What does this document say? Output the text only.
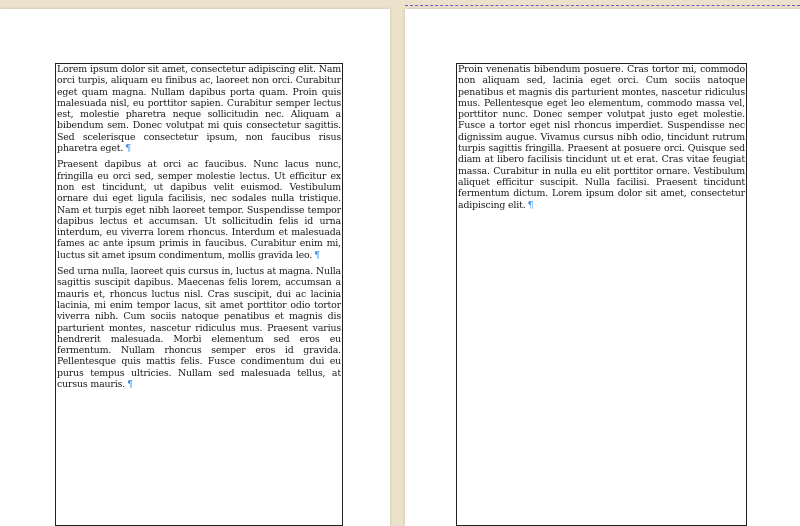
Lorem ipsum dolor sit amet, consectetur adipiscing elit. Nam orci turpis, aliquam eu finibus ac, laoreet non orci. Curabitur eget quam magna. Nullam dapibus porta quam. Proin quis malesuada nisl, eu porttitor sapien. Curabitur semper lectus est, molestie pharetra neque sollicitudin nec. Aliquam a bibendum sem. Donec volutpat mi quis consectetur sagittis. Sed scelerisque consectetur ipsum, non faucibus risus pharetra eget. ¶

Praesent dapibus at orci ac faucibus. Nunc lacus nunc, fringilla eu orci sed, semper molestie lectus. Ut efficitur ex non est tincidunt, ut dapibus velit euismod. Vestibulum ornare dui eget ligula facilisis, nec sodales nulla tristique. Nam et turpis eget nibh laoreet tempor. Suspendisse tempor dapibus lectus et accumsan. Ut sollicitudin felis id urna interdum, eu viverra lorem rhoncus. Interdum et malesuada fames ac ante ipsum primis in faucibus. Curabitur enim mi, luctus sit amet ipsum condimentum, mollis gravida leo. ¶

Sed urna nulla, laoreet quis cursus in, luctus at magna. Nulla sagittis suscipit dapibus. Maecenas felis lorem, accumsan a mauris et, rhoncus luctus nisl. Cras suscipit, dui ac lacinia lacinia, mi enim tempor lacus, sit amet porttitor odio tortor viverra nibh. Cum sociis natoque penatibus et magnis dis parturient montes, nascetur ridiculus mus. Praesent varius hendrerit malesuada. Morbi elementum sed eros eu fermentum. Nullam rhoncus semper eros id gravida. Pellentesque quis mattis felis. Fusce condimentum dui eu purus tempus ultricies. Nullam sed malesuada tellus, at cursus mauris. ¶

Proin venenatis bibendum posuere. Cras tortor mi, commodo non aliquam sed, lacinia eget orci. Cum sociis natoque penatibus et magnis dis parturient montes, nascetur ridiculus mus. Pellentesque eget leo elementum, commodo massa vel, porttitor nunc. Donec semper volutpat justo eget molestie. Fusce a tortor eget nisl rhoncus imperdiet. Suspendisse nec dignissim augue. Vivamus cursus nibh odio, tincidunt rutrum turpis sagittis fringilla. Praesent at posuere orci. Quisque sed diam at libero facilisis tincidunt ut et erat. Cras vitae feugiat massa. Curabitur in nulla eu elit porttitor ornare. Vestibulum aliquet efficitur suscipit. Nulla facilisi. Praesent tincidunt fermentum dictum. Lorem ipsum dolor sit amet, consectetur adipiscing elit. ¶
